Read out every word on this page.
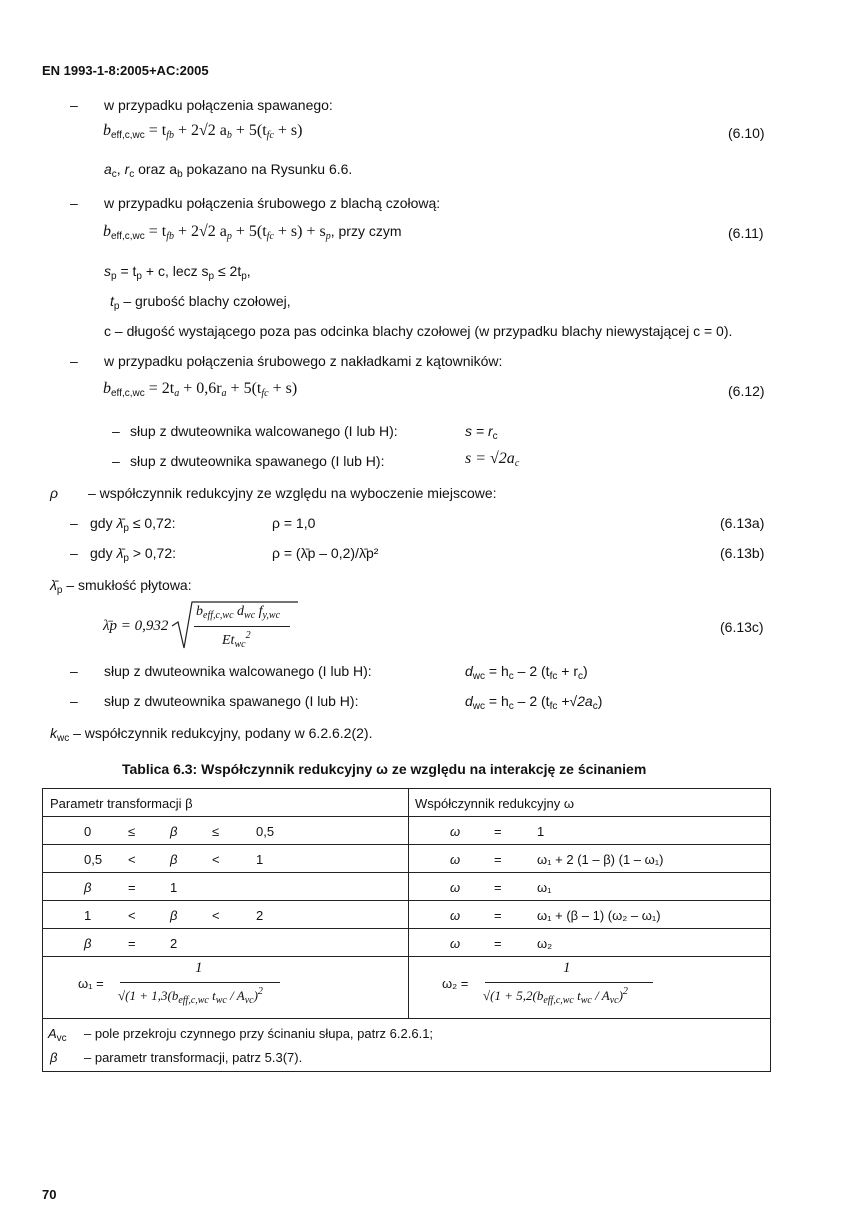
EN 1993-1-8:2005+AC:2005
– w przypadku połączenia spawanego:
$b_{eff,c,wc} = t_{fb} + 2√2$ $a_b + 5(t_{fc} + s)$	(6.10)
$a_c$, $r_c$ oraz $a_b$ pokazano na Rysunku 6.6.
– w przypadku połączenia śrubowego z blachą czołową:
$b_{eff,c,wc} = t_{fb} + 2√2$ $a_p + 5(t_{fc} + s) + s_p$, przy czym	(6.11)
$s_p = t_p + c$, lecz $s_p \le 2t_p$,
$t_p$ – grubość blachy czołowej,
c – długość wystającego poza pas odcinka blachy czołowej (w przypadku blachy niewystającej c = 0).
– w przypadku połączenia śrubowego z nakładkami z kątowników:
$b_{eff,c,wc} = 2t_a + 0,6r_a + 5(t_{fc} + s)$	(6.12)
– słup z dwuteownika walcowanego (I lub H):	$s = r_c$
– słup z dwuteownika spawanego (I lub H):	$s = √2a_c$
ρ – współczynnik redukcyjny ze względu na wyboczenie miejscowe:
– gdy $\lambdā_p \le 0,72$:	ρ = 1,0	(6.13a)
– gdy $\lambdā_p > 0,72$:	ρ = (λ̄p – 0,2)/λ̄p²	(6.13b)
$\lambdā_p$ – smukłość płytowa:
λ̄p = 0,932
$b_{eff,c,wc}$ $d_{wc}$ $f_{y,wc}$
$Et_{wc}^2$
(6.13c)
– słup z dwuteownika walcowanego (I lub H):	$d_{wc} = h_c - 2$ $(t_{fc} + r_c)$
– słup z dwuteownika spawanego (I lub H):	$d_{wc} = h_c - 2$ $(t_{fc} +√2a_c)$
$k_{wc}$ – współczynnik redukcyjny, podany w 6.2.6.2(2).
Tablica 6.3: Współczynnik redukcyjny ω ze względu na interakcję ze ścinaniem
Parametr transformacji β	Współczynnik redukcyjny ω
0	≤	β	≤	0,5	ω	=	1
0,5 <	β	<	1	ω	=	ω₁ + 2 (1 – β) (1 – ω₁)
β	=	1	ω	=	ω₁
1	<	β	<	2	ω	=	ω₁ + (β – 1) (ω₂ – ω₁)
β	=	2	ω	=	ω₂
ω₁ =
1
$√(1 + 1,3(b_{eff,c,wc}$ $t_{wc} / A_{vc})^2$
ω₂ =
1
$√(1 + 5,2(b_{eff,c,wc}$ $t_{wc} / A_{vc})^2$
$A_{vc}$ – pole przekroju czynnego przy ścinaniu słupa, patrz 6.2.6.1;
β – parametr transformacji, patrz 5.3(7).
70
